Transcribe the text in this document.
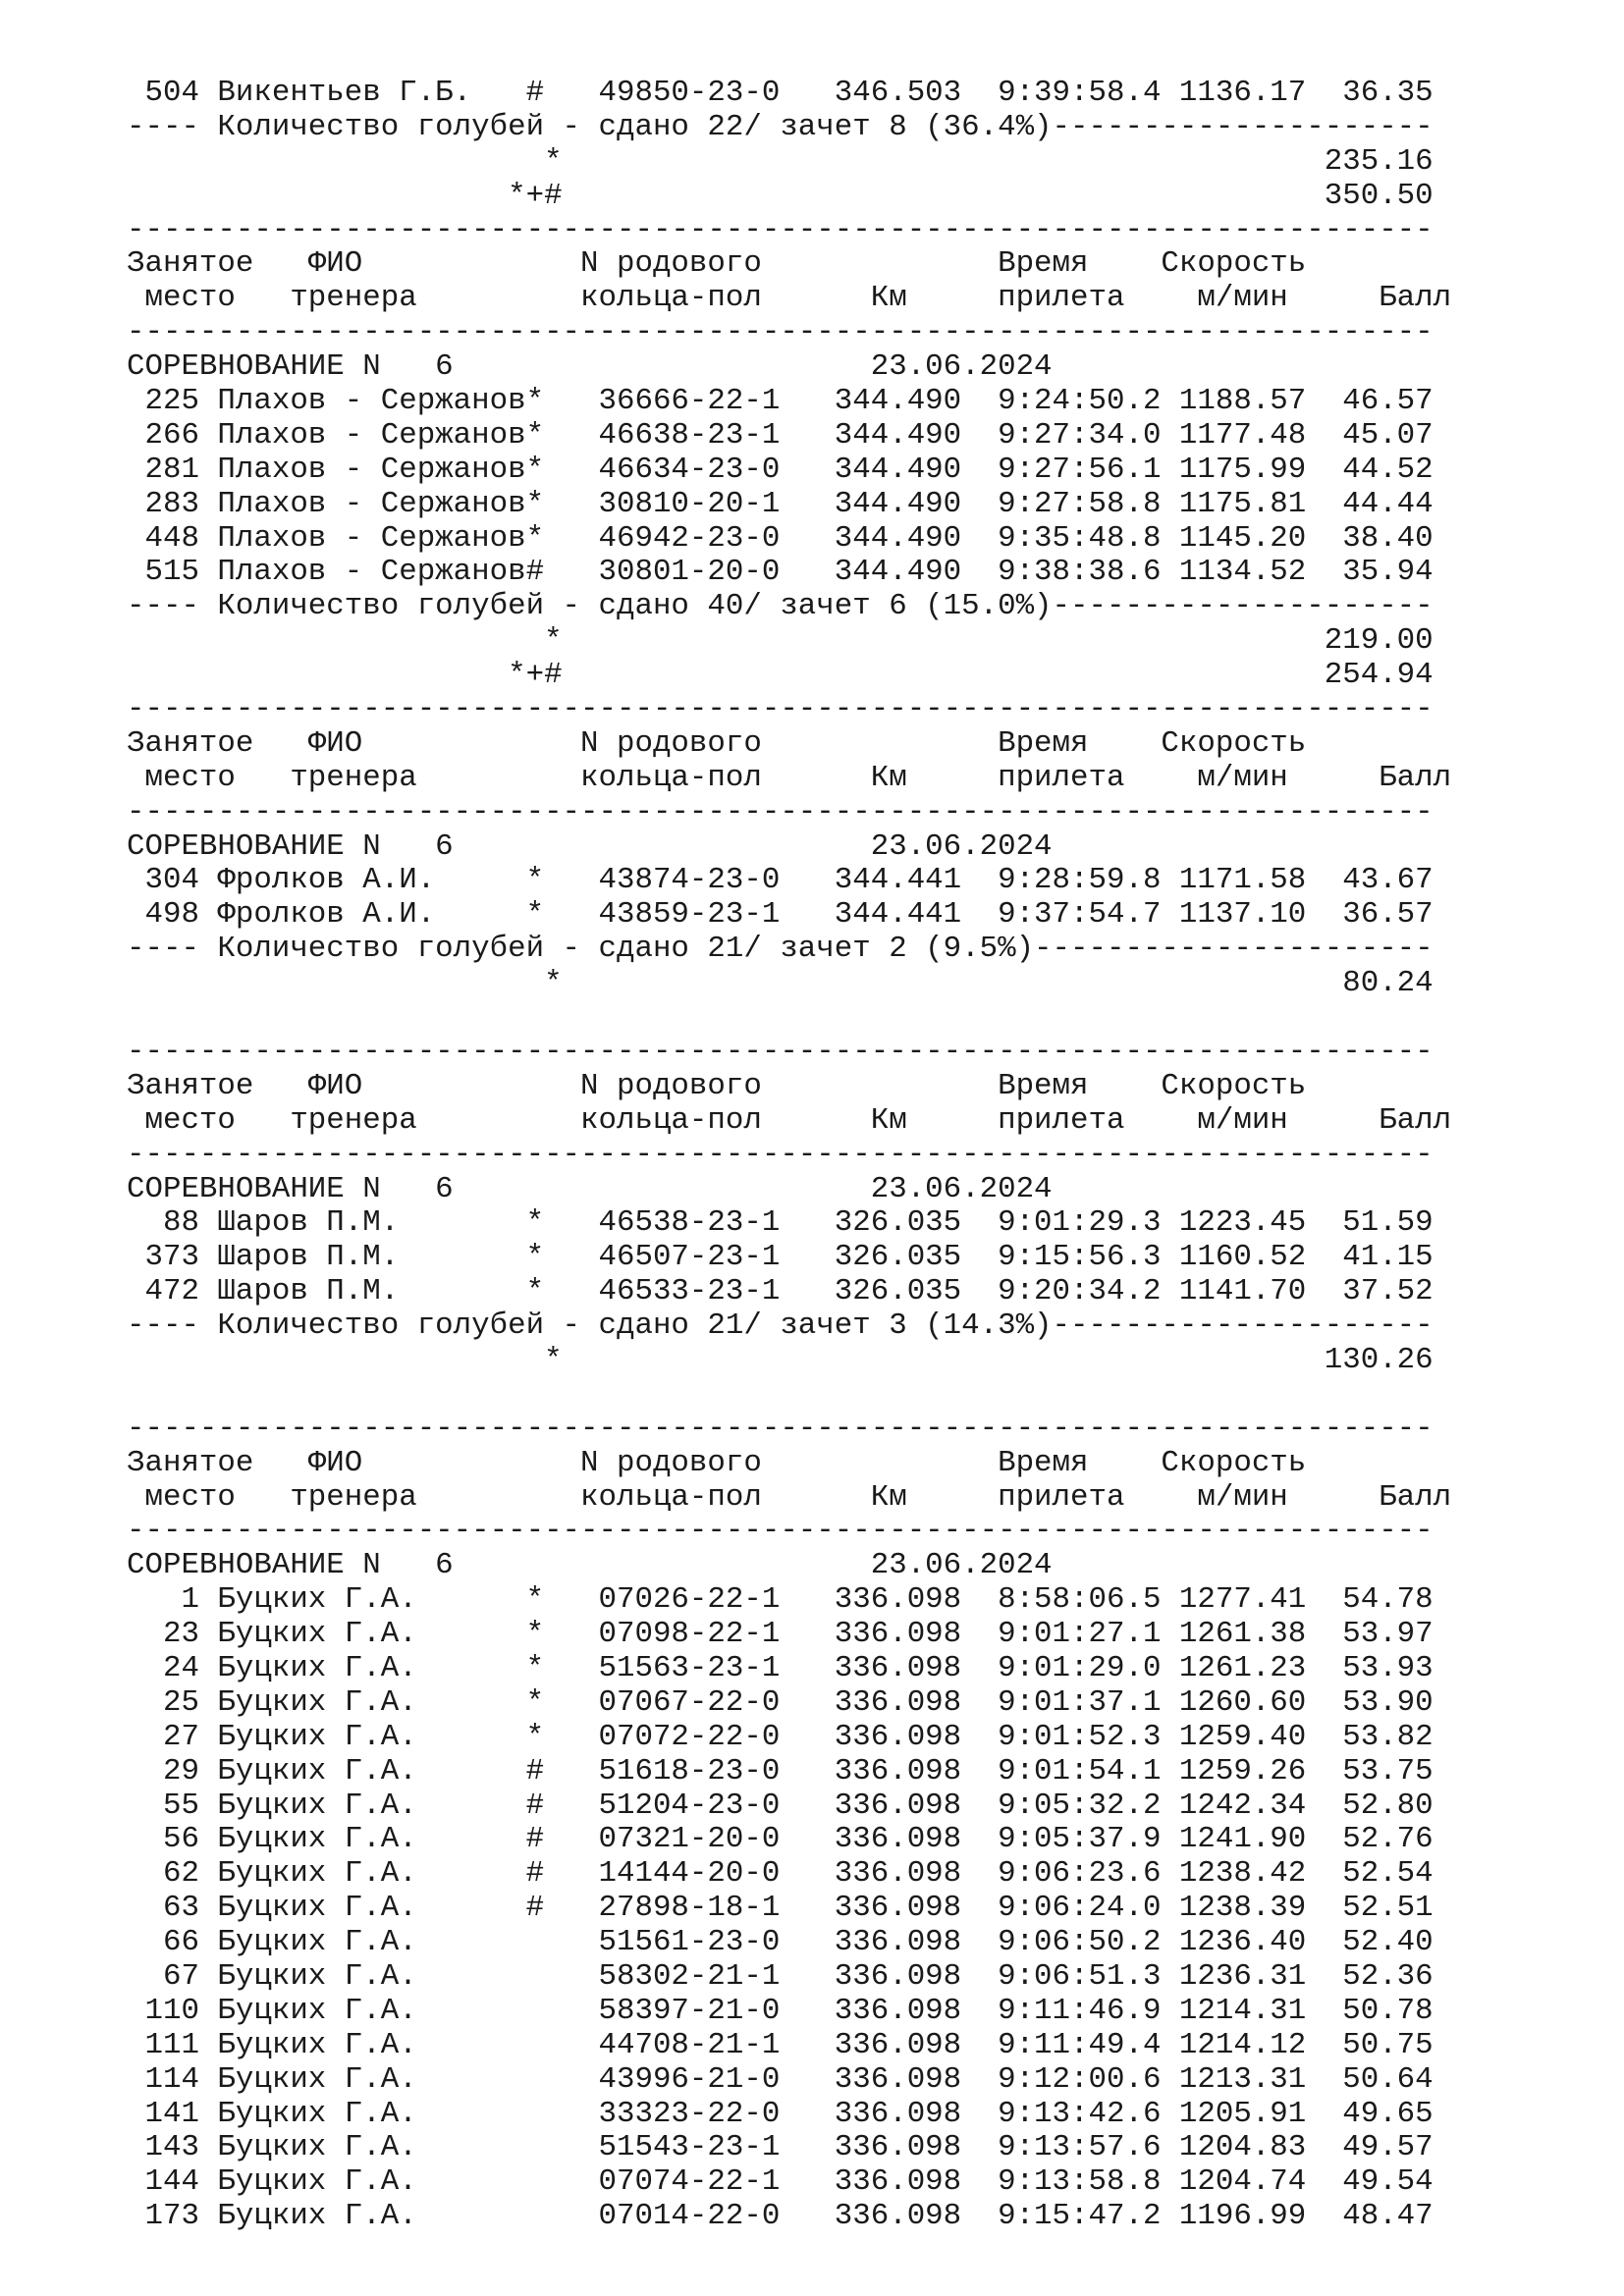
504 Викентьев Г.Б.   #   49850-23-0   346.503  9:39:58.4 1136.17  36.35
---- Количество голубей - сдано 22/ зачет 8 (36.4%)---------------------
*                                          235.16
*+#                                          350.50
------------------------------------------------------------------------
Занятое   ФИО            N родового             Время    Скорость
место   тренера         кольца-пол      Км     прилета    м/мин     Балл
------------------------------------------------------------------------
СОРЕВНОВАНИЕ N   6                       23.06.2024
225 Плахов - Сержанов*   36666-22-1   344.490  9:24:50.2 1188.57  46.57
266 Плахов - Сержанов*   46638-23-1   344.490  9:27:34.0 1177.48  45.07
281 Плахов - Сержанов*   46634-23-0   344.490  9:27:56.1 1175.99  44.52
283 Плахов - Сержанов*   30810-20-1   344.490  9:27:58.8 1175.81  44.44
448 Плахов - Сержанов*   46942-23-0   344.490  9:35:48.8 1145.20  38.40
515 Плахов - Сержанов#   30801-20-0   344.490  9:38:38.6 1134.52  35.94
---- Количество голубей - сдано 40/ зачет 6 (15.0%)---------------------
*                                          219.00
*+#                                          254.94
------------------------------------------------------------------------
Занятое   ФИО            N родового             Время    Скорость
место   тренера         кольца-пол      Км     прилета    м/мин     Балл
------------------------------------------------------------------------
СОРЕВНОВАНИЕ N   6                       23.06.2024
304 Фролков А.И.     *   43874-23-0   344.441  9:28:59.8 1171.58  43.67
498 Фролков А.И.     *   43859-23-1   344.441  9:37:54.7 1137.10  36.57
---- Количество голубей - сдано 21/ зачет 2 (9.5%)----------------------
*                                           80.24
------------------------------------------------------------------------
Занятое   ФИО            N родового             Время    Скорость
место   тренера         кольца-пол      Км     прилета    м/мин     Балл
------------------------------------------------------------------------
СОРЕВНОВАНИЕ N   6                       23.06.2024
88 Шаров П.М.       *   46538-23-1   326.035  9:01:29.3 1223.45  51.59
373 Шаров П.М.       *   46507-23-1   326.035  9:15:56.3 1160.52  41.15
472 Шаров П.М.       *   46533-23-1   326.035  9:20:34.2 1141.70  37.52
---- Количество голубей - сдано 21/ зачет 3 (14.3%)---------------------
*                                          130.26
------------------------------------------------------------------------
Занятое   ФИО            N родового             Время    Скорость
место   тренера         кольца-пол      Км     прилета    м/мин     Балл
------------------------------------------------------------------------
СОРЕВНОВАНИЕ N   6                       23.06.2024
1 Буцких Г.А.      *   07026-22-1   336.098  8:58:06.5 1277.41  54.78
23 Буцких Г.А.      *   07098-22-1   336.098  9:01:27.1 1261.38  53.97
24 Буцких Г.А.      *   51563-23-1   336.098  9:01:29.0 1261.23  53.93
25 Буцких Г.А.      *   07067-22-0   336.098  9:01:37.1 1260.60  53.90
27 Буцких Г.А.      *   07072-22-0   336.098  9:01:52.3 1259.40  53.82
29 Буцких Г.А.      #   51618-23-0   336.098  9:01:54.1 1259.26  53.75
55 Буцких Г.А.      #   51204-23-0   336.098  9:05:32.2 1242.34  52.80
56 Буцких Г.А.      #   07321-20-0   336.098  9:05:37.9 1241.90  52.76
62 Буцких Г.А.      #   14144-20-0   336.098  9:06:23.6 1238.42  52.54
63 Буцких Г.А.      #   27898-18-1   336.098  9:06:24.0 1238.39  52.51
66 Буцких Г.А.          51561-23-0   336.098  9:06:50.2 1236.40  52.40
67 Буцких Г.А.          58302-21-1   336.098  9:06:51.3 1236.31  52.36
110 Буцких Г.А.          58397-21-0   336.098  9:11:46.9 1214.31  50.78
111 Буцких Г.А.          44708-21-1   336.098  9:11:49.4 1214.12  50.75
114 Буцких Г.А.          43996-21-0   336.098  9:12:00.6 1213.31  50.64
141 Буцких Г.А.          33323-22-0   336.098  9:13:42.6 1205.91  49.65
143 Буцких Г.А.          51543-23-1   336.098  9:13:57.6 1204.83  49.57
144 Буцких Г.А.          07074-22-1   336.098  9:13:58.8 1204.74  49.54
173 Буцких Г.А.          07014-22-0   336.098  9:15:47.2 1196.99  48.47
